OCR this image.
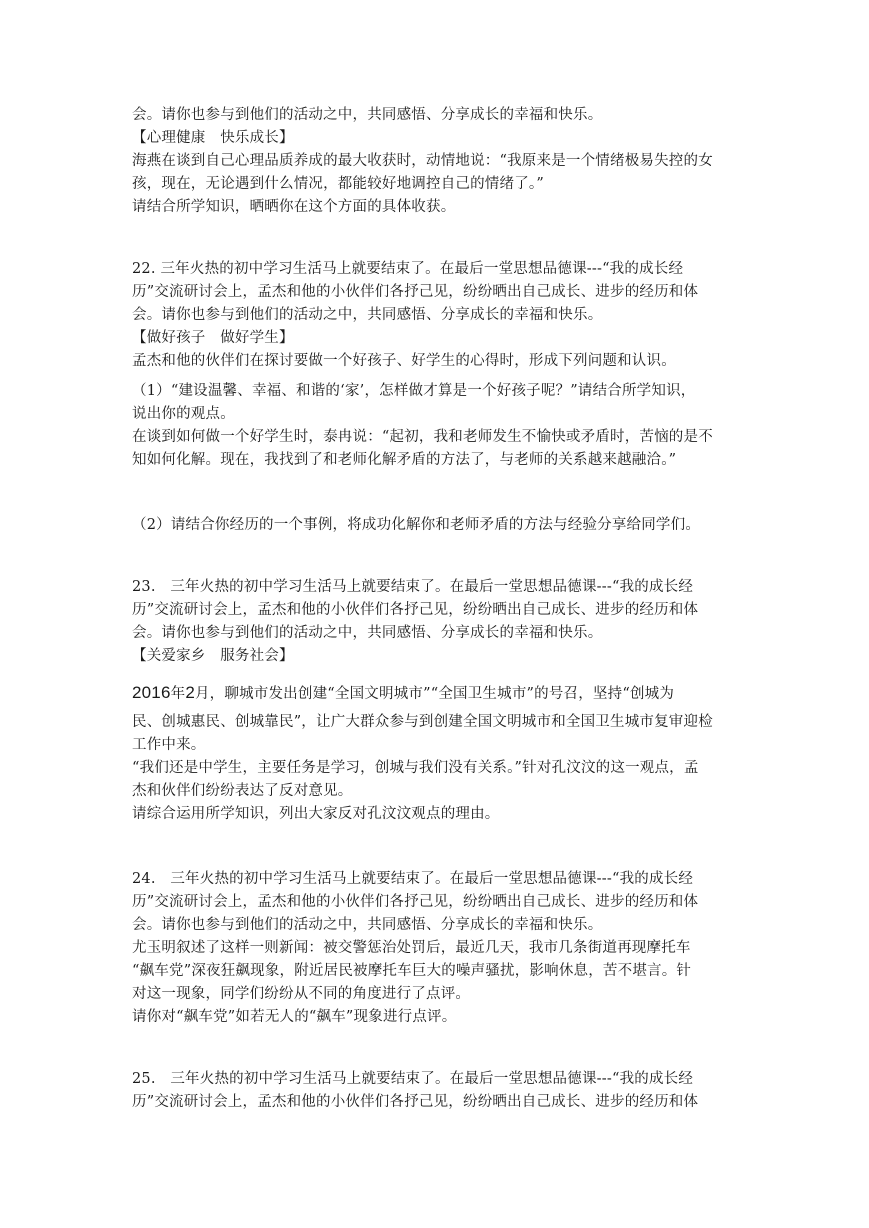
会。请你也参与到他们的活动之中，共同感悟、分享成长的幸福和快乐。
【心理健康　快乐成长】
海燕在谈到自己心理品质养成的最大收获时，动情地说：“我原来是一个情绪极易失控的女
孩，现在，无论遇到什么情况，都能较好地调控自己的情绪了。”
请结合所学知识，晒晒你在这个方面的具体收获。
22. 三年火热的初中学习生活马上就要结束了。在最后一堂思想品德课---“我的成长经
历”交流研讨会上，孟杰和他的小伙伴们各抒己见，纷纷晒出自己成长、进步的经历和体
会。请你也参与到他们的活动之中，共同感悟、分享成长的幸福和快乐。
【做好孩子　做好学生】
孟杰和他的伙伴们在探讨要做一个好孩子、好学生的心得时，形成下列问题和认识。
（1）“建设温馨、幸福、和谐的‘家’，怎样做才算是一个好孩子呢？”请结合所学知识，
说出你的观点。
在谈到如何做一个好学生时，泰冉说：“起初，我和老师发生不愉快或矛盾时，苦恼的是不
知如何化解。现在，我找到了和老师化解矛盾的方法了，与老师的关系越来越融洽。”
（2）请结合你经历的一个事例，将成功化解你和老师矛盾的方法与经验分享给同学们。
23.　三年火热的初中学习生活马上就要结束了。在最后一堂思想品德课---“我的成长经
历”交流研讨会上，孟杰和他的小伙伴们各抒己见，纷纷晒出自己成长、进步的经历和体
会。请你也参与到他们的活动之中，共同感悟、分享成长的幸福和快乐。
【关爱家乡　服务社会】
2016年2月，聊城市发出创建“全国文明城市”“全国卫生城市”的号召，坚持“创城为
民、创城惠民、创城靠民”，让广大群众参与到创建全国文明城市和全国卫生城市复审迎检
工作中来。
“我们还是中学生，主要任务是学习，创城与我们没有关系。”针对孔汶汶的这一观点，孟
杰和伙伴们纷纷表达了反对意见。
请综合运用所学知识，列出大家反对孔汶汶观点的理由。
24.　三年火热的初中学习生活马上就要结束了。在最后一堂思想品德课---“我的成长经
历”交流研讨会上，孟杰和他的小伙伴们各抒己见，纷纷晒出自己成长、进步的经历和体
会。请你也参与到他们的活动之中，共同感悟、分享成长的幸福和快乐。
尤玉明叙述了这样一则新闻：被交警惩治处罚后，最近几天，我市几条街道再现摩托车
“飙车党”深夜狂飙现象，附近居民被摩托车巨大的噪声骚扰，影响休息，苦不堪言。针
对这一现象，同学们纷纷从不同的角度进行了点评。
请你对“飙车党”如若无人的“飙车”现象进行点评。
25.　三年火热的初中学习生活马上就要结束了。在最后一堂思想品德课---“我的成长经
历”交流研讨会上，孟杰和他的小伙伴们各抒己见，纷纷晒出自己成长、进步的经历和体
